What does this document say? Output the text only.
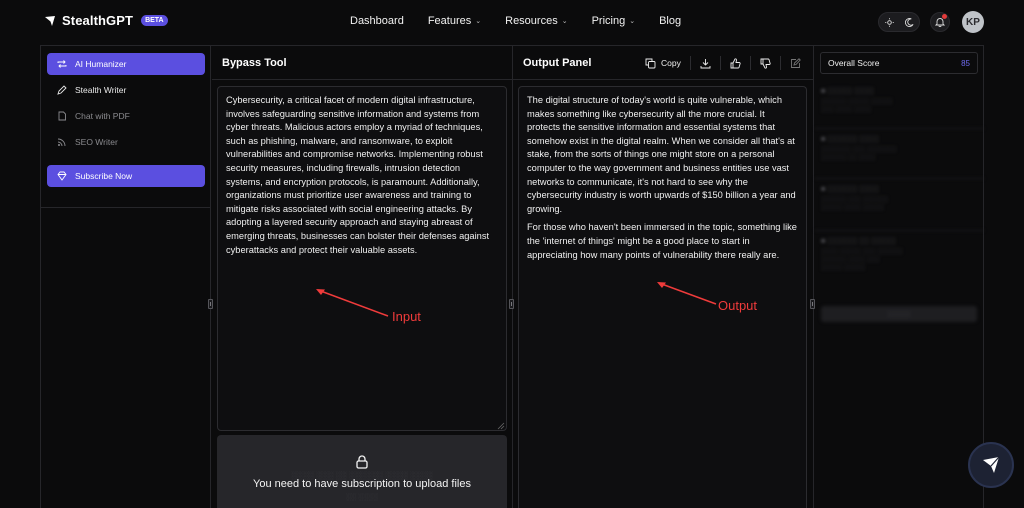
StealthGPT	BETA	Dashboard Features ⌄ Resources ⌄ Pricing ⌄ Blog	KP
AI Humanizer
Stealth Writer
Chat with PDF
SEO Writer
Subscribe Now
Bypass Tool

Cybersecurity, a critical facet of modern digital infrastructure, involves safeguarding sensitive information and systems from cyber threats. Malicious actors employ a myriad of techniques, such as phishing, malware, and ransomware, to exploit vulnerabilities and compromise networks. Implementing robust security measures, including firewalls, intrusion detection systems, and encryption protocols, is paramount. Additionally, organizations must prioritize user awareness and training to mitigate risks associated with social engineering attacks. By adopting a layered security approach and staying abreast of emerging threats, businesses can bolster their defenses against cyberattacks and protect their valuable assets.

░░░░ ░░░ ░░ ░░░░░░ ░░░░ ░░░░
You need to have subscription to upload files
░░ ░░░░
Output Panel	Copy

The digital structure of today's world is quite vulnerable, which makes something like cybersecurity all the more crucial. It protects the sensitive information and essential systems that somehow exist in the digital realm. When we consider all that's at stake, from the sorts of things one might store on a personal computer to the way government and business entities use vast networks to communicate, it's not hard to see why the cybersecurity industry is worth upwards of $150 billion a year and growing.

For those who haven't been immersed in the topic, something like the 'internet of things' might be a good place to start in appreciating how many points of vulnerability there really are.

Input
Output
Overall Score	85
■ ░░░░░ ░░░░
░░░░░░ ░░░░░ ░░░░░
░░░ ░░░░ ░░░░
■ ░░░░░░ ░░░░
░░░░░░░ ░░░ ░░░░░░░
░░░░░░ ░░ ░░░░
■ ░░░░░░ ░░░░
░░░░░░ ░░░ ░░░░░░
░░░░░ ░░░░ ░░░░░
■ ░░░░░░ ░░ ░░░░░
░░░░ ░░░░░ ░░░ ░░░░░░
░░░░░░ ░░░░ ░░░
░░░░░ ░░░░░
░░░░░
